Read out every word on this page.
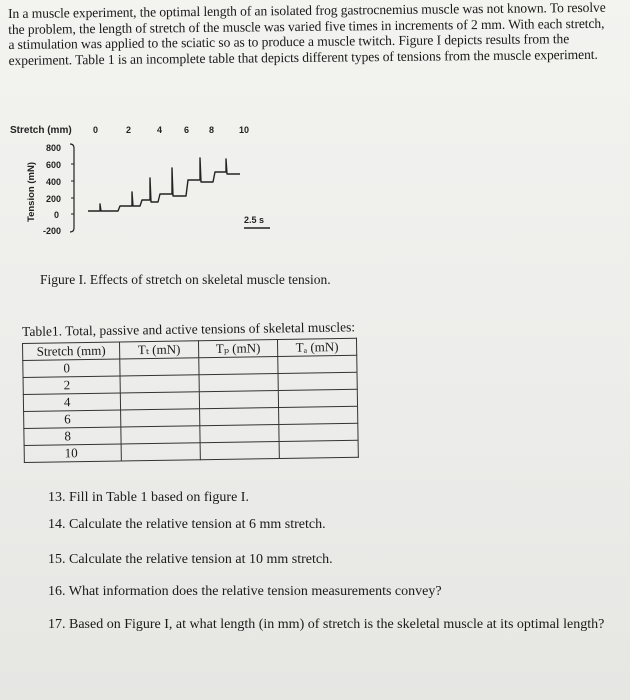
In a muscle experiment, the optimal length of an isolated frog gastrocnemius muscle was not known. To resolve the problem, the length of stretch of the muscle was varied five times in increments of 2 mm. With each stretch, a stimulation was applied to the sciatic so as to produce a muscle twitch. Figure I depicts results from the experiment. Table 1 is an incomplete table that depicts different types of tensions from the muscle experiment.
Stretch (mm) 0	2	4 6 8	10
Tension (mN)
800
600
400
200
0
-200
2.5 s
Figure I. Effects of stretch on skeletal muscle tension.
Table1. Total, passive and active tensions of skeletal muscles:
Stretch (mm)	Tₜ (mN)	Tₚ (mN)	Tₐ (mN)
0			
2			
4			
6			
8			
10			
13. Fill in Table 1 based on figure I.
14. Calculate the relative tension at 6 mm stretch.
15. Calculate the relative tension at 10 mm stretch.
16. What information does the relative tension measurements convey?
17. Based on Figure I, at what length (in mm) of stretch is the skeletal muscle at its optimal length?
